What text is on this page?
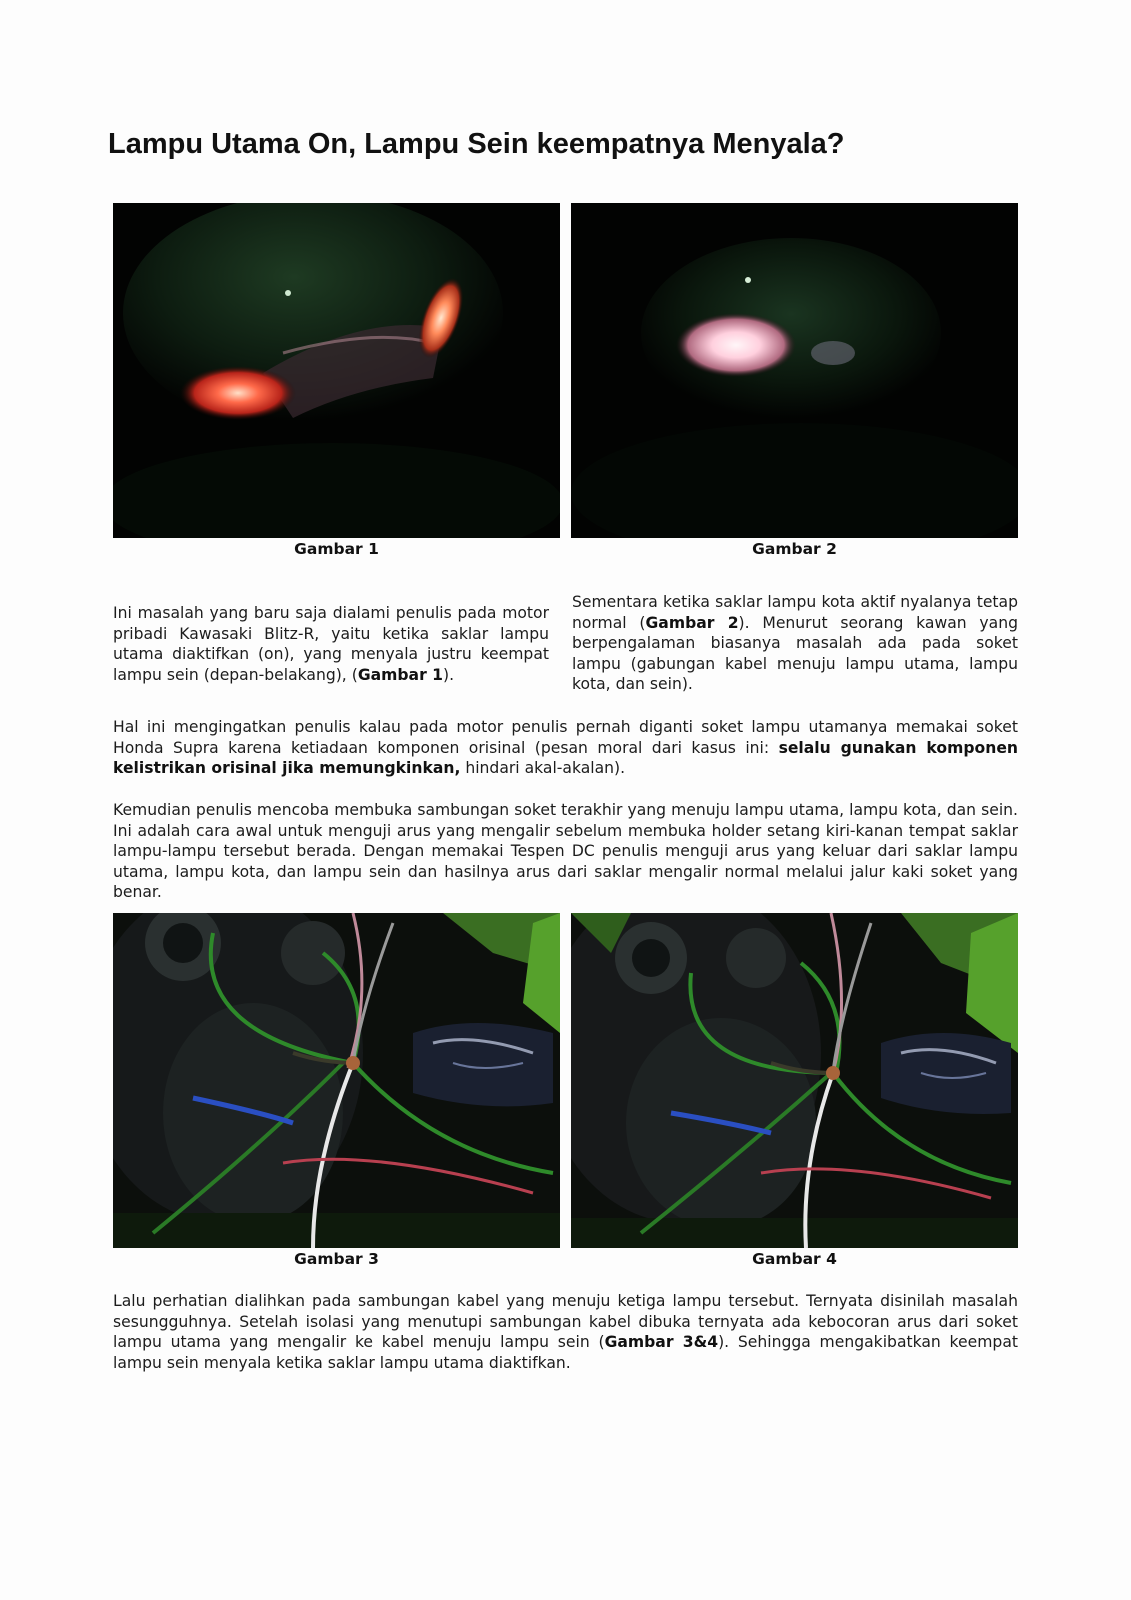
Lampu Utama On, Lampu Sein keempatnya Menyala?
Gambar 1	Gambar 2

Ini masalah yang baru saja dialami penulis pada motor pribadi Kawasaki Blitz-R, yaitu ketika saklar lampu utama diaktifkan (on), yang menyala justru keempat lampu sein (depan-belakang), (Gambar 1).

Sementara ketika saklar lampu kota aktif nyalanya tetap normal (Gambar 2). Menurut seorang kawan yang berpengalaman biasanya masalah ada pada soket lampu (gabungan kabel menuju lampu utama, lampu kota, dan sein).

Hal ini mengingatkan penulis kalau pada motor penulis pernah diganti soket lampu utamanya memakai soket Honda Supra karena ketiadaan komponen orisinal (pesan moral dari kasus ini: selalu gunakan komponen kelistrikan orisinal jika memungkinkan, hindari akal-akalan).

Kemudian penulis mencoba membuka sambungan soket terakhir yang menuju lampu utama, lampu kota, dan sein. Ini adalah cara awal untuk menguji arus yang mengalir sebelum membuka holder setang kiri-kanan tempat saklar lampu-lampu tersebut berada. Dengan memakai Tespen DC penulis menguji arus yang keluar dari saklar lampu utama, lampu kota, dan lampu sein dan hasilnya arus dari saklar mengalir normal melalui jalur kaki soket yang benar.

Gambar 3	Gambar 4

Lalu perhatian dialihkan pada sambungan kabel yang menuju ketiga lampu tersebut. Ternyata disinilah masalah sesungguhnya. Setelah isolasi yang menutupi sambungan kabel dibuka ternyata ada kebocoran arus dari soket lampu utama yang mengalir ke kabel menuju lampu sein (Gambar 3&4). Sehingga mengakibatkan keempat lampu sein menyala ketika saklar lampu utama diaktifkan.
